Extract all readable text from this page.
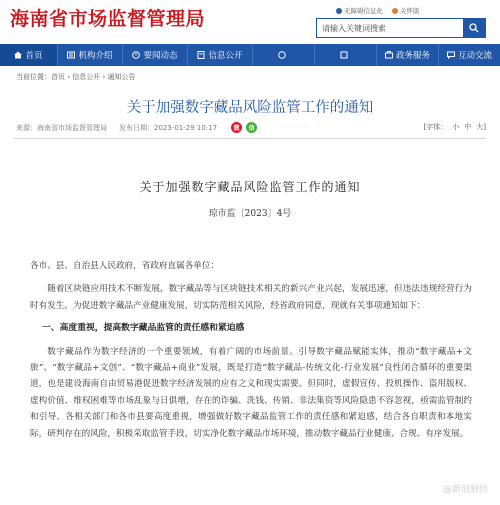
海南省市场监督管理局	无障碍信息化	关怀版
请输入关键词搜索
首页	机构介绍	要闻动态	信息公开	政务服务	互动交流
当前位置：首页 › 信息公开 › 通知公告
关于加强数字藏品风险监管工作的通知
来源：海南省市场监督管理局 发布日期：2023-01-29 10:17	微	信	[字体： 小 中 大]
关于加强数字藏品风险监管工作的通知
琼市监〔2023〕4号

各市、县、自治县人民政府，省政府直属各单位：

随着区块链应用技术不断发展，数字藏品等与区块链技术相关的新兴产业兴起，发展迅速，但违法违规经营行为时有发生。为促进数字藏品产业健康发展，切实防范相关风险，经省政府同意，现就有关事项通知如下：

一、高度重视，提高数字藏品监管的责任感和紧迫感

数字藏品作为数字经济的一个重要领域，有着广阔的市场前景。引导数字藏品赋能实体，推动“数字藏品+文旅”、“数字藏品+文创”、“数字藏品+商业”发展，既是打造“数字藏品-传统文化-行业发展”良性闭合循环的重要渠道，也是建设海南自由贸易港促进数字经济发展的应有之义和现实需要。但同时，虚假宣传、投机操作、盗用版权、虚构价值、维权困难等市场乱象与日俱增，存在的诈骗、洗钱、传销、非法集资等风险隐患不容忽视，亟需监管制约和引导。各相关部门和各市县要高度重视，增强做好数字藏品监管工作的责任感和紧迫感，结合各自职责和本地实际，研判存在的风险，积极采取监管手段，切实净化数字藏品市场环境，推动数字藏品行业健康、合规、有序发展。

@新浪财经
